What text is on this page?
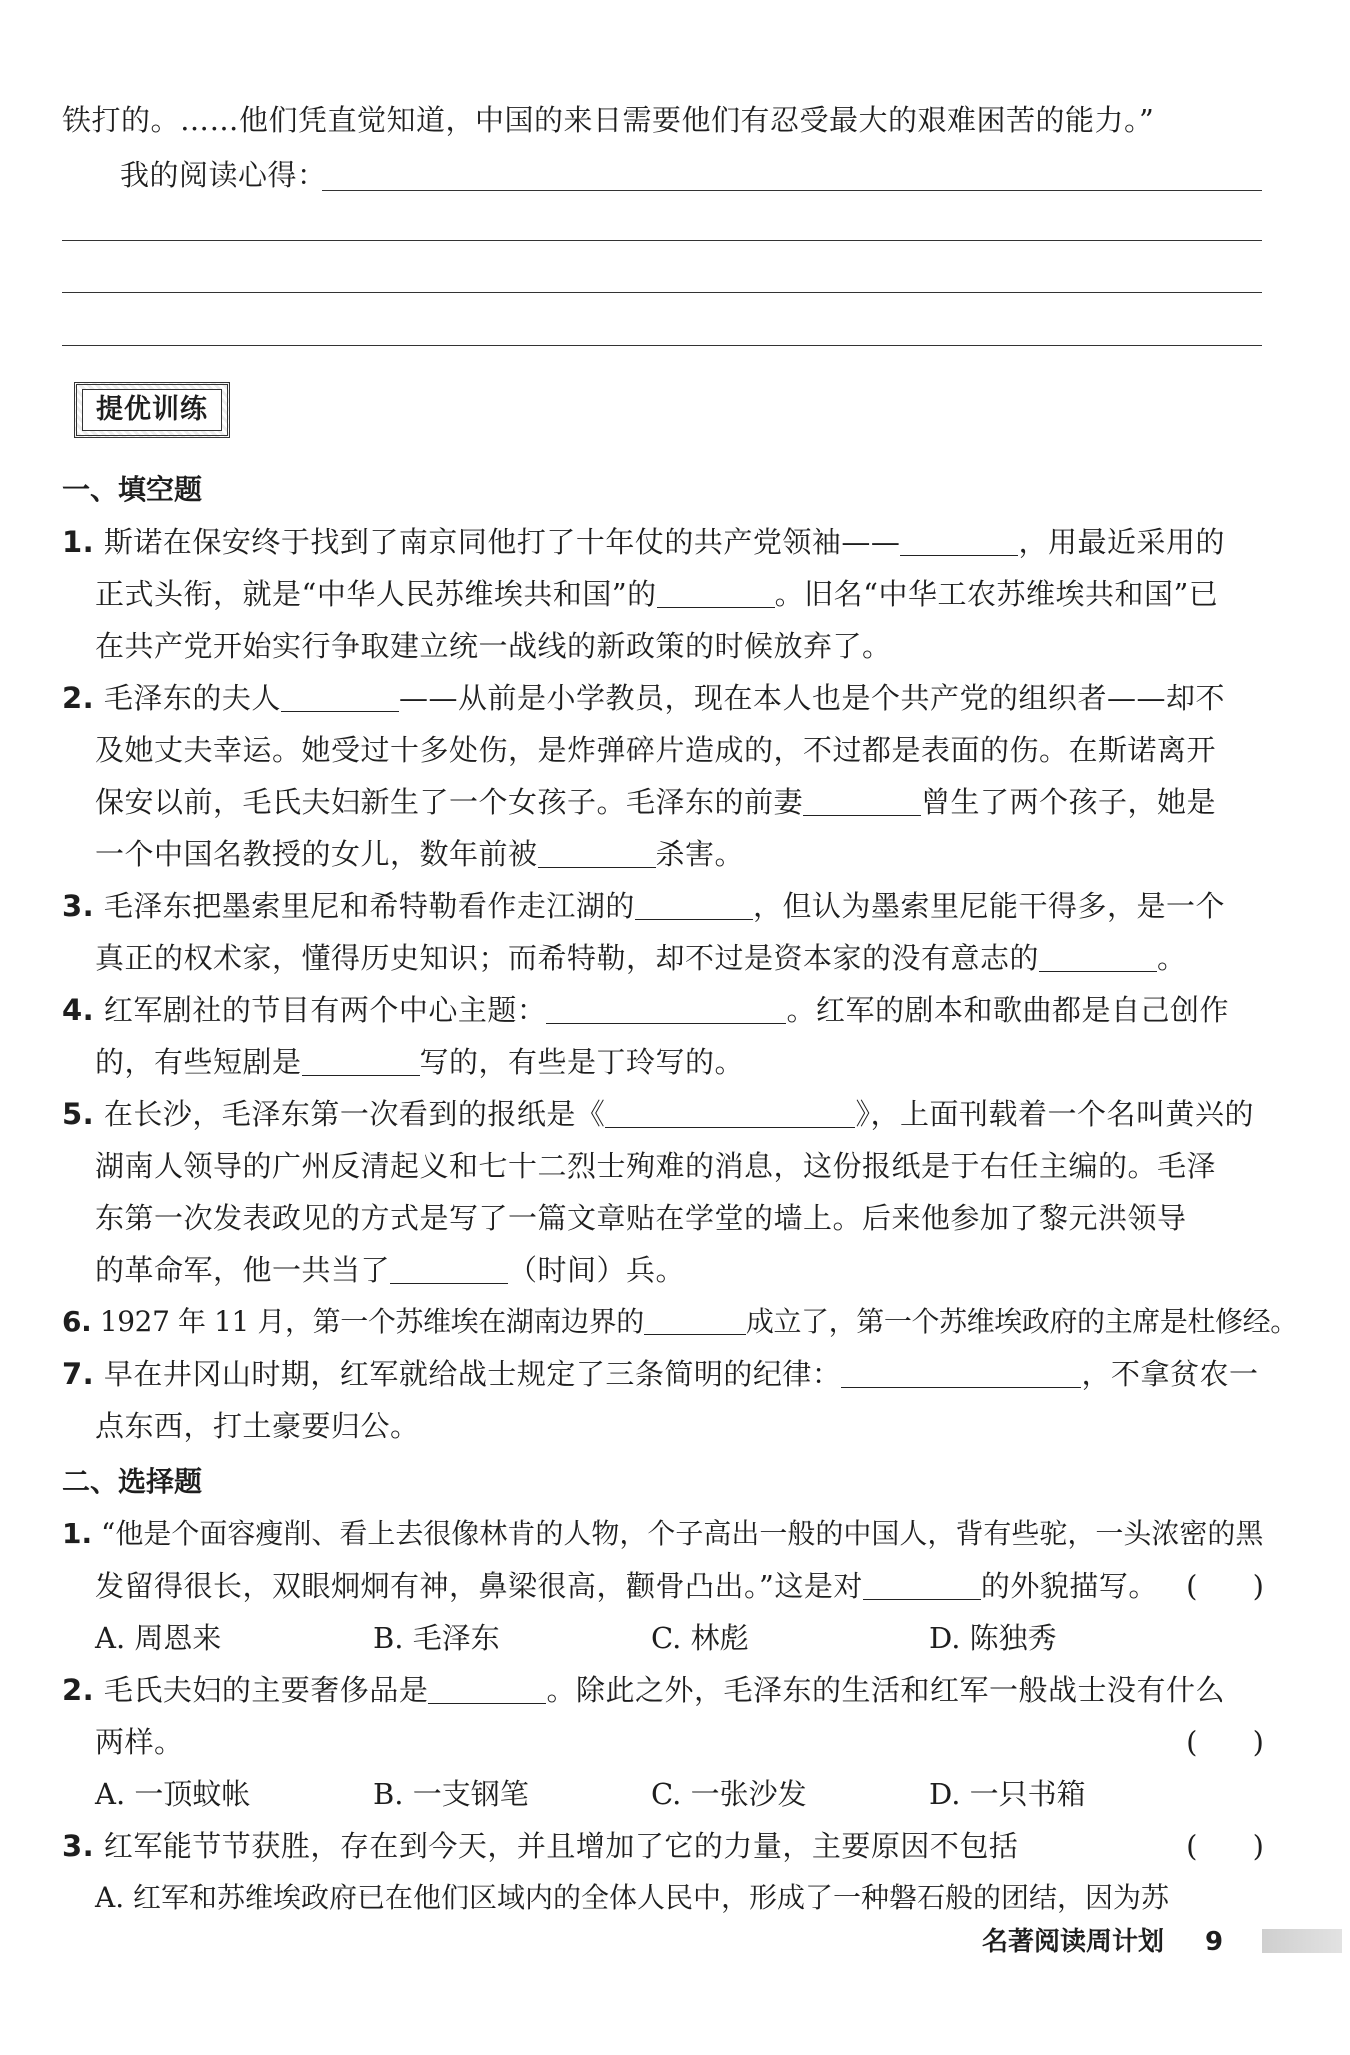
铁打的。……他们凭直觉知道，中国的来日需要他们有忍受最大的艰难困苦的能力。”
我的阅读心得：
提优训练
一、填空题
1. 斯诺在保安终于找到了南京同他打了十年仗的共产党领袖——	，用最近采用的
正式头衔，就是“中华人民苏维埃共和国”的	。旧名“中华工农苏维埃共和国”已
在共产党开始实行争取建立统一战线的新政策的时候放弃了。
2. 毛泽东的夫人	——从前是小学教员，现在本人也是个共产党的组织者——却不
及她丈夫幸运。她受过十多处伤，是炸弹碎片造成的，不过都是表面的伤。在斯诺离开
保安以前，毛氏夫妇新生了一个女孩子。毛泽东的前妻	曾生了两个孩子，她是
一个中国名教授的女儿，数年前被	杀害。
3. 毛泽东把墨索里尼和希特勒看作走江湖的	，但认为墨索里尼能干得多，是一个
真正的权术家，懂得历史知识；而希特勒，却不过是资本家的没有意志的	。
4. 红军剧社的节目有两个中心主题：	。红军的剧本和歌曲都是自己创作
的，有些短剧是	写的，有些是丁玲写的。
5. 在长沙，毛泽东第一次看到的报纸是《	》，上面刊载着一个名叫黄兴的
湖南人领导的广州反清起义和七十二烈士殉难的消息，这份报纸是于右任主编的。毛泽
东第一次发表政见的方式是写了一篇文章贴在学堂的墙上。后来他参加了黎元洪领导
的革命军，他一共当了	（时间）兵。
6. 1927 年 11 月，第一个苏维埃在湖南边界的	成立了，第一个苏维埃政府的主席是杜修经。
7. 早在井冈山时期，红军就给战士规定了三条简明的纪律：	，不拿贫农一
点东西，打土豪要归公。
二、选择题
1. “他是个面容瘦削、看上去很像林肯的人物，个子高出一般的中国人，背有些驼，一头浓密的黑
发留得很长，双眼炯炯有神，鼻梁很高，颧骨凸出。”这是对	的外貌描写。 (      )
A. 周恩来	B. 毛泽东	C. 林彪	D. 陈独秀
2. 毛氏夫妇的主要奢侈品是	。除此之外，毛泽东的生活和红军一般战士没有什么
两样。	(      )
A. 一顶蚊帐	B. 一支钢笔	C. 一张沙发	D. 一只书箱
3. 红军能节节获胜，存在到今天，并且增加了它的力量，主要原因不包括	(      )
A. 红军和苏维埃政府已在他们区域内的全体人民中，形成了一种磐石般的团结，因为苏
名著阅读周计划 9
